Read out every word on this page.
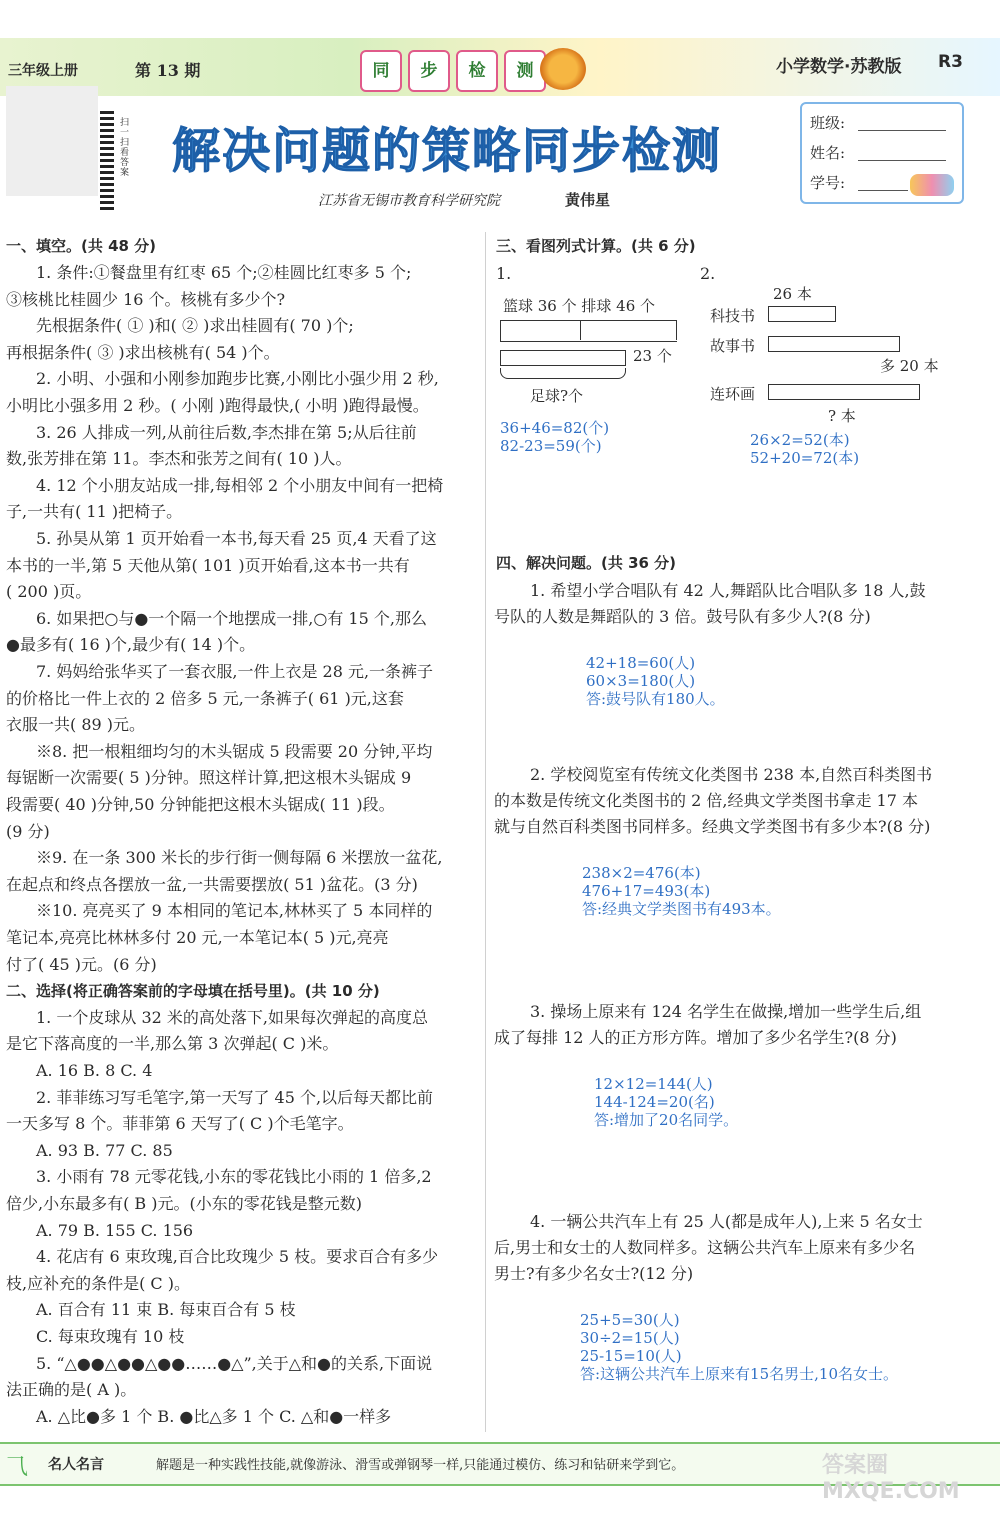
三年级上册	第 13 期	同 步 检 测	小学数学·苏教版 R3
扫一扫 看答案 解决问题的策略同步检测
江苏省无锡市教育科学研究院	黄伟星
班级:
姓名:
学号:
一、填空。(共 48 分)
1. 条件:①餐盘里有红枣 65 个;②桂圆比红枣多 5 个;
③核桃比桂圆少 16 个。核桃有多少个?
先根据条件( ① )和( ② )求出桂圆有( 70 )个;
再根据条件( ③ )求出核桃有( 54 )个。
2. 小明、小强和小刚参加跑步比赛,小刚比小强少用 2 秒,
小明比小强多用 2 秒。( 小刚 )跑得最快,( 小明 )跑得最慢。
3. 26 人排成一列,从前往后数,李杰排在第 5;从后往前
数,张芳排在第 11。李杰和张芳之间有( 10 )人。
4. 12 个小朋友站成一排,每相邻 2 个小朋友中间有一把椅
子,一共有( 11 )把椅子。
5. 孙昊从第 1 页开始看一本书,每天看 25 页,4 天看了这
本书的一半,第 5 天他从第( 101 )页开始看,这本书一共有
( 200 )页。
6. 如果把○与●一个隔一个地摆成一排,○有 15 个,那么
●最多有( 16 )个,最少有( 14 )个。
7. 妈妈给张华买了一套衣服,一件上衣是 28 元,一条裤子
的价格比一件上衣的 2 倍多 5 元,一条裤子( 61 )元,这套
衣服一共( 89 )元。
※8. 把一根粗细均匀的木头锯成 5 段需要 20 分钟,平均
每锯断一次需要( 5 )分钟。照这样计算,把这根木头锯成 9
段需要( 40 )分钟,50 分钟能把这根木头锯成( 11 )段。
(9 分)
※9. 在一条 300 米长的步行街一侧每隔 6 米摆放一盆花,
在起点和终点各摆放一盆,一共需要摆放( 51 )盆花。(3 分)
※10. 亮亮买了 9 本相同的笔记本,林林买了 5 本同样的
笔记本,亮亮比林林多付 20 元,一本笔记本( 5 )元,亮亮
付了( 45 )元。(6 分)
二、选择(将正确答案前的字母填在括号里)。(共 10 分)
1. 一个皮球从 32 米的高处落下,如果每次弹起的高度总
是它下落高度的一半,那么第 3 次弹起( C )米。
A. 16 B. 8 C. 4
2. 菲菲练习写毛笔字,第一天写了 45 个,以后每天都比前
一天多写 8 个。菲菲第 6 天写了( C )个毛笔字。
A. 93 B. 77 C. 85
3. 小雨有 78 元零花钱,小东的零花钱比小雨的 1 倍多,2
倍少,小东最多有( B )元。(小东的零花钱是整元数)
A. 79 B. 155 C. 156
4. 花店有 6 束玫瑰,百合比玫瑰少 5 枝。要求百合有多少
枝,应补充的条件是( C )。
A. 百合有 11 束 B. 每束百合有 5 枝
C. 每束玫瑰有 10 枝
5. “△●●△●●△●●……●△”,关于△和●的关系,下面说
法正确的是( A )。
A. △比●多 1 个 B. ●比△多 1 个 C. △和●一样多
三、看图列式计算。(共 6 分)
1.	2.
篮球 36 个 排球 46 个
23 个
足球?个
36+46=82(个)
82-23=59(个)
26 本
科技书
故事书
多 20 本
连环画
? 本
26×2=52(本)
52+20=72(本)
四、解决问题。(共 36 分)
1. 希望小学合唱队有 42 人,舞蹈队比合唱队多 18 人,鼓
号队的人数是舞蹈队的 3 倍。鼓号队有多少人?(8 分)
42+18=60(人)
60×3=180(人)
答:鼓号队有180人。
2. 学校阅览室有传统文化类图书 238 本,自然百科类图书
的本数是传统文化类图书的 2 倍,经典文学类图书拿走 17 本
就与自然百科类图书同样多。经典文学类图书有多少本?(8 分)
238×2=476(本)
476+17=493(本)
答:经典文学类图书有493本。
3. 操场上原来有 124 名学生在做操,增加一些学生后,组
成了每排 12 人的正方形方阵。增加了多少名学生?(8 分)
12×12=144(人)
144-124=20(名)
答:增加了20名同学。
4. 一辆公共汽车上有 25 人(都是成年人),上来 5 名女士
后,男士和女士的人数同样多。这辆公共汽车上原来有多少名
男士?有多少名女士?(12 分)
25+5=30(人)
30÷2=15(人)
25-15=10(人)
答:这辆公共汽车上原来有15名男士,10名女士。
⺄ 名人名言	解题是一种实践性技能,就像游泳、滑雪或弹钢琴一样,只能通过模仿、练习和钻研来学到它。	答案圈 MXQE.COM
